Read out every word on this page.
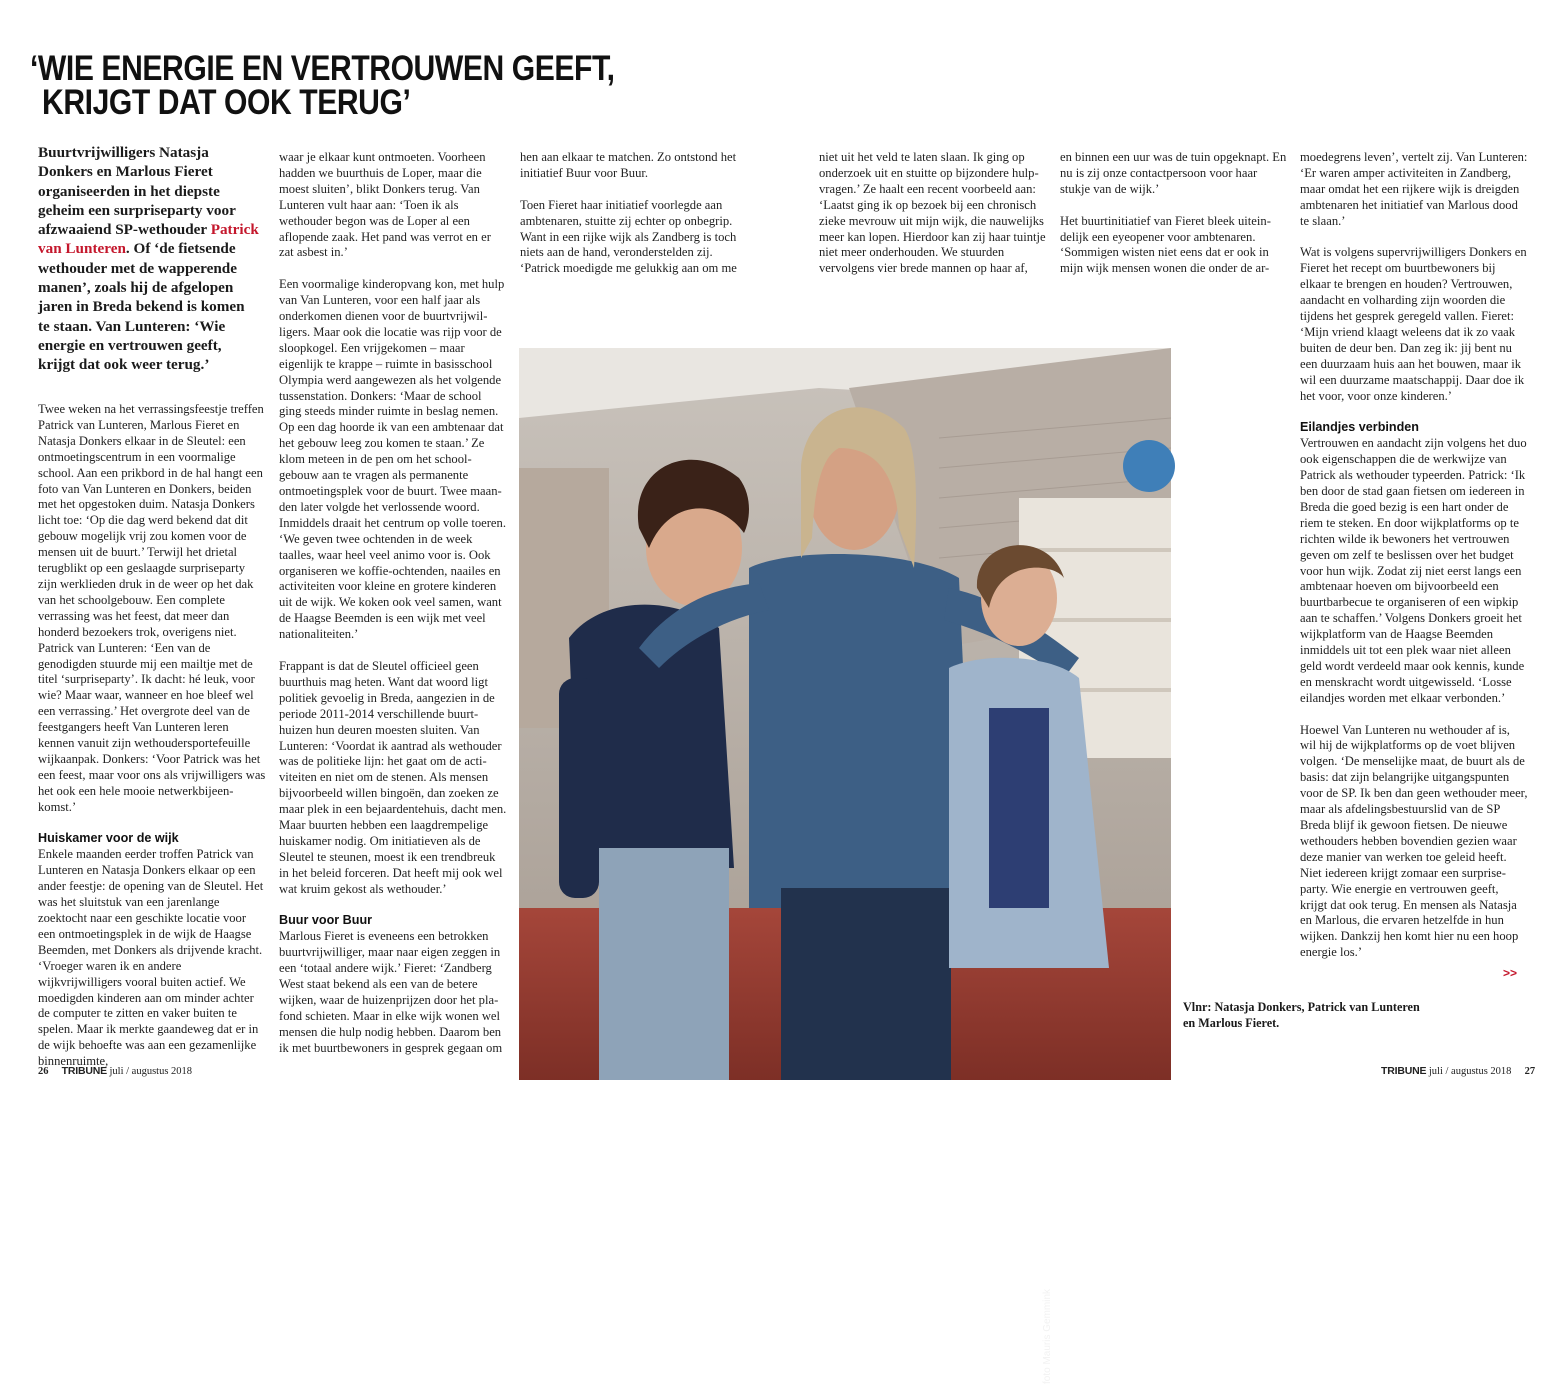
‘WIE ENERGIE EN VERTROUWEN GEEFT,
KRIJGT DAT OOK TERUG’

Buurtvrijwilligers Natasja Donkers en Marlous Fieret organiseerden in het diepste geheim een surpriseparty voor afzwaaiend SP-wethouder Patrick van Lunteren. Of ‘de fietsende wethouder met de wapperende manen’, zoals hij de afgelopen jaren in Breda bekend is komen te staan. Van Lunteren: ‘Wie energie en vertrouwen geeft, krijgt dat ook weer terug.’

Twee weken na het verrassingsfeestje treffen Patrick van Lunteren, Marlous Fieret en Natasja Donkers elkaar in de Sleutel: een ontmoetingscentrum in een voormalige school. Aan een prikbord in de hal hangt een foto van Van Lunteren en Donkers, beiden met het opgestoken duim. Natasja Donkers licht toe: ‘Op die dag werd bekend dat dit gebouw mogelijk vrij zou komen voor de mensen uit de buurt.’ Terwijl het drietal terugblikt op een geslaagde surpriseparty zijn werklieden druk in de weer op het dak van het schoolgebouw. Een complete verrassing was het feest, dat meer dan honderd bezoekers trok, overigens niet. Patrick van Lunteren: ‘Een van de genodigden stuurde mij een mailtje met de titel ‘surpriseparty’. Ik dacht: hé leuk, voor wie? Maar waar, wanneer en hoe bleef wel een verrassing.’ Het overgrote deel van de feestgangers heeft Van Lunteren leren kennen vanuit zijn wethoudersportefeuille wijkaanpak. Donkers: ‘Voor Patrick was het een feest, maar voor ons als vrijwilligers was het ook een hele mooie netwerkbijeenkomst.’

Huiskamer voor de wijk

Enkele maanden eerder troffen Patrick van Lunteren en Natasja Donkers elkaar op een ander feestje: de opening van de Sleutel. Het was het sluitstuk van een jarenlange zoektocht naar een geschikte locatie voor een ontmoetingsplek in de wijk de Haagse Beemden, met Donkers als drijvende kracht. ‘Vroeger waren ik en andere wijkvrijwilligers vooral buiten actief. We moedigden kinderen aan om minder achter de computer te zitten en vaker buiten te spelen. Maar ik merkte gaandeweg dat er in de wijk behoefte was aan een gezamenlijke binnenruimte,

waar je elkaar kunt ontmoeten. Voorheen hadden we buurthuis de Loper, maar die moest sluiten’, blikt Donkers terug. Van Lunteren vult haar aan: ‘Toen ik als wethouder begon was de Loper al een aflopende zaak. Het pand was verrot en er zat asbest in.’

Een voormalige kinderopvang kon, met hulp van Van Lunteren, voor een half jaar als onderkomen dienen voor de buurtvrijwilligers. Maar ook die locatie was rijp voor de sloopkogel. Een vrijgekomen – maar eigenlijk te krappe – ruimte in basisschool Olympia werd aangewezen als het volgende tussenstation. Donkers: ‘Maar de school ging steeds minder ruimte in beslag nemen. Op een dag hoorde ik van een ambtenaar dat het gebouw leeg zou komen te staan.’ Ze klom meteen in de pen om het schoolgebouw aan te vragen als permanente ontmoetingsplek voor de buurt. Twee maanden later volgde het verlossende woord. Inmiddels draait het centrum op volle toeren. ‘We geven twee ochtenden in de week taalles, waar heel veel animo voor is. Ook organiseren we koffie-ochtenden, naailes en activiteiten voor kleine en grotere kinderen uit de wijk. We koken ook veel samen, want de Haagse Beemden is een wijk met veel nationaliteiten.’

Frappant is dat de Sleutel officieel geen buurthuis mag heten. Want dat woord ligt politiek gevoelig in Breda, aangezien in de periode 2011-2014 verschillende buurthuizen hun deuren moesten sluiten. Van Lunteren: ‘Voordat ik aantrad als wethouder was de politieke lijn: het gaat om de activiteiten en niet om de stenen. Als mensen bijvoorbeeld willen bingoën, dan zoeken ze maar plek in een bejaardentehuis, dacht men. Maar buurten hebben een laagdrempelige huiskamer nodig. Om initiatieven als de Sleutel te steunen, moest ik een trendbreuk in het beleid forceren. Dat heeft mij ook wel wat kruim gekost als wethouder.’

Buur voor Buur

Marlous Fieret is eveneens een betrokken buurtvrijwilliger, maar naar eigen zeggen in een ‘totaal andere wijk.’ Fieret: ‘Zandberg West staat bekend als een van de betere wijken, waar de huizenprijzen door het plafond schieten. Maar in elke wijk wonen wel mensen die hulp nodig hebben. Daarom ben ik met buurtbewoners in gesprek gegaan om

hen aan elkaar te matchen. Zo ontstond het initiatief Buur voor Buur.

Toen Fieret haar initiatief voorlegde aan ambtenaren, stuitte zij echter op onbegrip. Want in een rijke wijk als Zandberg is toch niets aan de hand, veronderstelden zij. ‘Patrick moedigde me gelukkig aan om me

niet uit het veld te laten slaan. Ik ging op onderzoek uit en stuitte op bijzondere hulpvragen.’ Ze haalt een recent voorbeeld aan: ‘Laatst ging ik op bezoek bij een chronisch zieke mevrouw uit mijn wijk, die nauwelijks meer kan lopen. Hierdoor kan zij haar tuintje niet meer onderhouden. We stuurden vervolgens vier brede mannen op haar af,

en binnen een uur was de tuin opgeknapt. En nu is zij onze contactpersoon voor haar stukje van de wijk.’

Het buurtinitiatief van Fieret bleek uiteindelijk een eyeopener voor ambtenaren. ‘Sommigen wisten niet eens dat er ook in mijn wijk mensen wonen die onder de ar-

moedegrens leven’, vertelt zij. Van Lunteren: ‘Er waren amper activiteiten in Zandberg, maar omdat het een rijkere wijk is dreigden ambtenaren het initiatief van Marlous dood te slaan.’

Wat is volgens supervrijwilligers Donkers en Fieret het recept om buurtbewoners bij elkaar te brengen en houden? Vertrouwen, aandacht en volharding zijn woorden die tijdens het gesprek geregeld vallen. Fieret: ‘Mijn vriend klaagt weleens dat ik zo vaak buiten de deur ben. Dan zeg ik: jij bent nu een duurzaam huis aan het bouwen, maar ik wil een duurzame maatschappij. Daar doe ik het voor, voor onze kinderen.’

Eilandjes verbinden

Vertrouwen en aandacht zijn volgens het duo ook eigenschappen die de werkwijze van Patrick als wethouder typeerden. Patrick: ‘Ik ben door de stad gaan fietsen om iedereen in Breda die goed bezig is een hart onder de riem te steken. En door wijkplatforms op te richten wilde ik bewoners het vertrouwen geven om zelf te beslissen over het budget voor hun wijk. Zodat zij niet eerst langs een ambtenaar hoeven om bijvoorbeeld een buurtbarbecue te organiseren of een wipkip aan te schaffen.’ Volgens Donkers groeit het wijkplatform van de Haagse Beemden inmiddels uit tot een plek waar niet alleen geld wordt verdeeld maar ook kennis, kunde en menskracht wordt uitgewisseld. ‘Losse eilandjes worden met elkaar verbonden.’

Hoewel Van Lunteren nu wethouder af is, wil hij de wijkplatforms op de voet blijven volgen. ‘De menselijke maat, de buurt als de basis: dat zijn belangrijke uitgangspunten voor de SP. Ik ben dan geen wethouder meer, maar als afdelingsbestuurslid van de SP Breda blijf ik gewoon fietsen. De nieuwe wethouders hebben bovendien gezien waar deze manier van werken toe geleid heeft. Niet iedereen krijgt zomaar een surpriseparty. Wie energie en vertrouwen geeft, krijgt dat ook terug. En mensen als Natasja en Marlous, die ervaren hetzelfde in hun wijken. Dankzij hen komt hier nu een hoop energie los.’

foto Mauris Gemmink

Vlnr: Natasja Donkers, Patrick van Lunteren en Marlous Fieret.

>>
26 TRIBUNE juli / augustus 2018	TRIBUNE juli / augustus 2018 27
